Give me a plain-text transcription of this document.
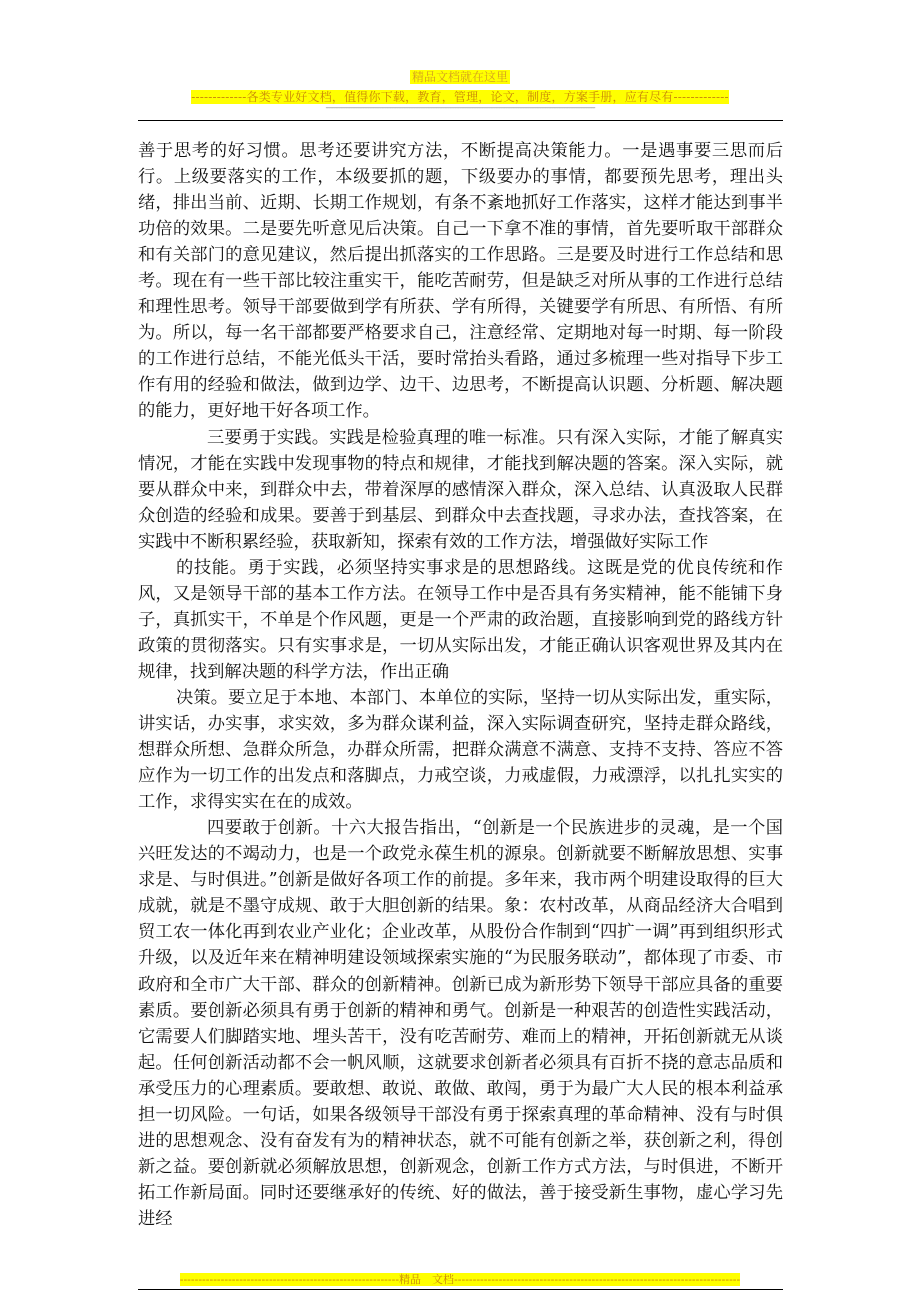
精品文档就在这里
-------------各类专业好文档，值得你下载，教育，管理，论文，制度，方案手册，应有尽有-------------
--------------------------------------------------------------------------------------------------------------------------------------------------------------

善于思考的好习惯。思考还要讲究方法，不断提高决策能力。一是遇事要三思而后行。上级要落实的工作，本级要抓的题，下级要办的事情，都要预先思考，理出头绪，排出当前、近期、长期工作规划，有条不紊地抓好工作落实，这样才能达到事半功倍的效果。二是要先听意见后决策。自己一下拿不准的事情，首先要听取干部群众和有关部门的意见建议，然后提出抓落实的工作思路。三是要及时进行工作总结和思考。现在有一些干部比较注重实干，能吃苦耐劳，但是缺乏对所从事的工作进行总结和理性思考。领导干部要做到学有所获、学有所得，关键要学有所思、有所悟、有所为。所以，每一名干部都要严格要求自己，注意经常、定期地对每一时期、每一阶段的工作进行总结，不能光低头干活，要时常抬头看路，通过多梳理一些对指导下步工作有用的经验和做法，做到边学、边干、边思考，不断提高认识题、分析题、解决题的能力，更好地干好各项工作。

三要勇于实践。实践是检验真理的唯一标准。只有深入实际，才能了解真实情况，才能在实践中发现事物的特点和规律，才能找到解决题的答案。深入实际，就要从群众中来，到群众中去，带着深厚的感情深入群众，深入总结、认真汲取人民群众创造的经验和成果。要善于到基层、到群众中去查找题，寻求办法，查找答案，在实践中不断积累经验，获取新知，探索有效的工作方法，增强做好实际工作

的技能。勇于实践，必须坚持实事求是的思想路线。这既是党的优良传统和作风，又是领导干部的基本工作方法。在领导工作中是否具有务实精神，能不能铺下身子，真抓实干，不单是个作风题，更是一个严肃的政治题，直接影响到党的路线方针政策的贯彻落实。只有实事求是，一切从实际出发，才能正确认识客观世界及其内在规律，找到解决题的科学方法，作出正确

决策。要立足于本地、本部门、本单位的实际，坚持一切从实际出发，重实际，讲实话，办实事，求实效，多为群众谋利益，深入实际调查研究，坚持走群众路线，想群众所想、急群众所急，办群众所需，把群众满意不满意、支持不支持、答应不答应作为一切工作的出发点和落脚点，力戒空谈，力戒虚假，力戒漂浮，以扎扎实实的工作，求得实实在在的成效。

四要敢于创新。十六大报告指出，“创新是一个民族进步的灵魂，是一个国兴旺发达的不竭动力，也是一个政党永葆生机的源泉。创新就要不断解放思想、实事求是、与时俱进。”创新是做好各项工作的前提。多年来，我市两个明建设取得的巨大成就，就是不墨守成规、敢于大胆创新的结果。象：农村改革，从商品经济大合唱到贸工农一体化再到农业产业化；企业改革，从股份合作制到“四扩一调”再到组织形式升级，以及近年来在精神明建设领域探索实施的“为民服务联动”，都体现了市委、市政府和全市广大干部、群众的创新精神。创新已成为新形势下领导干部应具备的重要素质。要创新必须具有勇于创新的精神和勇气。创新是一种艰苦的创造性实践活动，它需要人们脚踏实地、埋头苦干，没有吃苦耐劳、难而上的精神，开拓创新就无从谈起。任何创新活动都不会一帆风顺，这就要求创新者必须具有百折不挠的意志品质和承受压力的心理素质。要敢想、敢说、敢做、敢闯，勇于为最广大人民的根本利益承担一切风险。一句话，如果各级领导干部没有勇于探索真理的革命精神、没有与时俱进的思想观念、没有奋发有为的精神状态，就不可能有创新之举，获创新之利，得创新之益。要创新就必须解放思想，创新观念，创新工作方式方法，与时俱进，不断开拓工作新局面。同时还要继承好的传统、好的做法，善于接受新生事物，虚心学习先进经

-----------------------------------------------------------精品　文档-----------------------------------------------------------------------------
